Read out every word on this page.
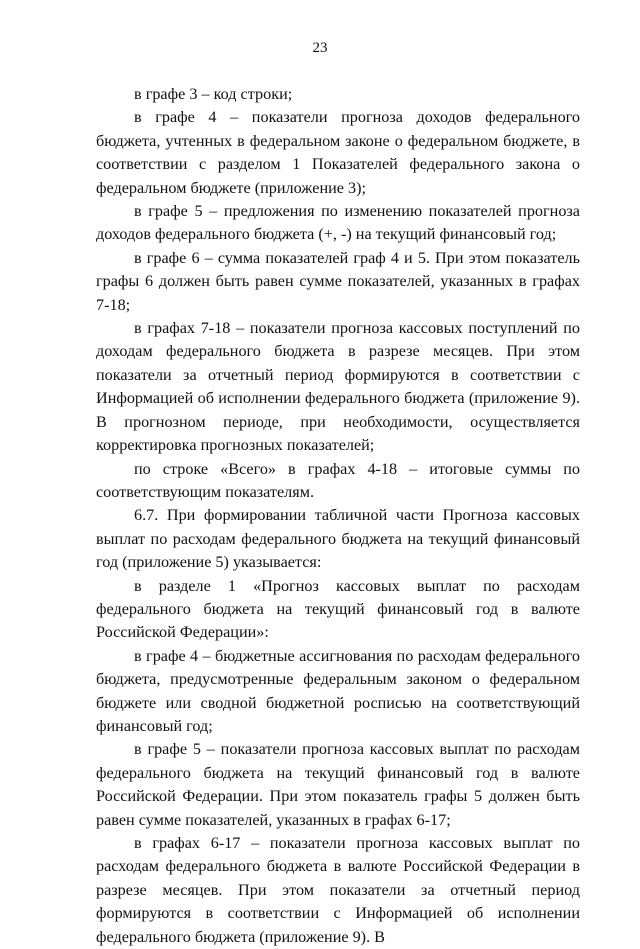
23

в графе 3 – код строки;

в графе 4 – показатели прогноза доходов федерального бюджета, учтенных в федеральном законе о федеральном бюджете, в соответствии с разделом 1 Показателей федерального закона о федеральном бюджете (приложение 3);

в графе 5 – предложения по изменению показателей прогноза доходов федерального бюджета (+, -) на текущий финансовый год;

в графе 6 – сумма показателей граф 4 и 5. При этом показатель графы 6 должен быть равен сумме показателей, указанных в графах 7-18;

в графах 7-18 – показатели прогноза кассовых поступлений по доходам федерального бюджета в разрезе месяцев. При этом показатели за отчетный период формируются в соответствии с Информацией об исполнении федерального бюджета (приложение 9). В прогнозном периоде, при необходимости, осуществляется корректировка прогнозных показателей;

по строке «Всего» в графах 4-18 – итоговые суммы по соответствующим показателям.

6.7. При формировании табличной части Прогноза кассовых выплат по расходам федерального бюджета на текущий финансовый год (приложение 5) указывается:

в разделе 1 «Прогноз кассовых выплат по расходам федерального бюджета на текущий финансовый год в валюте Российской Федерации»:

в графе 4 – бюджетные ассигнования по расходам федерального бюджета, предусмотренные федеральным законом о федеральном бюджете или сводной бюджетной росписью на соответствующий финансовый год;

в графе 5 – показатели прогноза кассовых выплат по расходам федерального бюджета на текущий финансовый год в валюте Российской Федерации. При этом показатель графы 5 должен быть равен сумме показателей, указанных в графах 6-17;

в графах 6-17 – показатели прогноза кассовых выплат по расходам федерального бюджета в валюте Российской Федерации в разрезе месяцев. При этом показатели за отчетный период формируются в соответствии с Информацией об исполнении федерального бюджета (приложение 9). В
